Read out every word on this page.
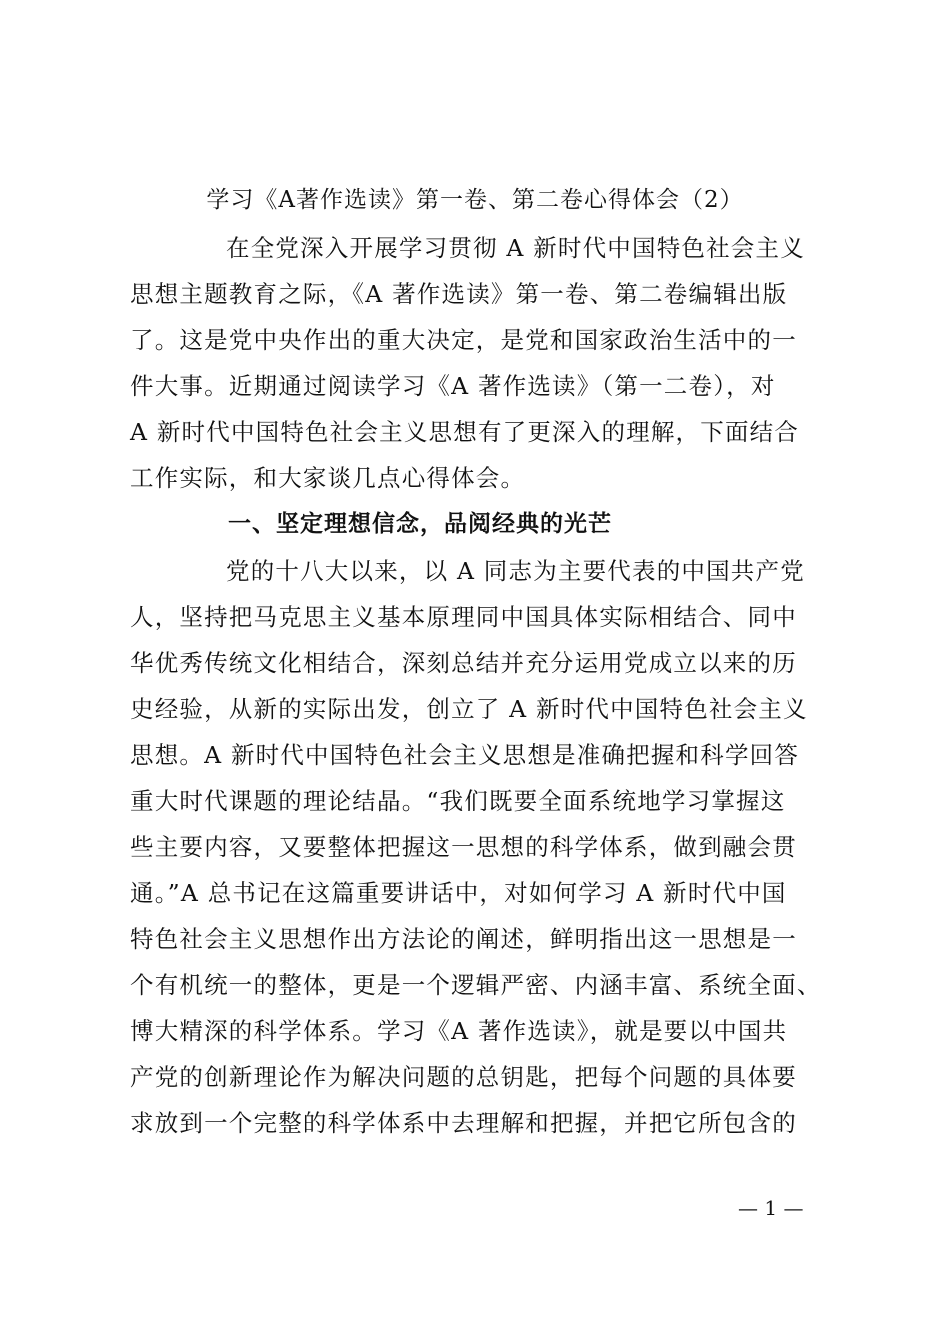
学习《A著作选读》第一卷、第二卷心得体会（2）

在全党深入开展学习贯彻 A 新时代中国特色社会主义
思想主题教育之际，《A 著作选读》第一卷、第二卷编辑出版
了。这是党中央作出的重大决定，是党和国家政治生活中的一
件大事。近期通过阅读学习《A 著作选读》（第一二卷），对
A 新时代中国特色社会主义思想有了更深入的理解，下面结合
工作实际，和大家谈几点心得体会。

一、坚定理想信念，品阅经典的光芒

党的十八大以来，以 A 同志为主要代表的中国共产党
人，坚持把马克思主义基本原理同中国具体实际相结合、同中
华优秀传统文化相结合，深刻总结并充分运用党成立以来的历
史经验，从新的实际出发，创立了 A 新时代中国特色社会主义
思想。A 新时代中国特色社会主义思想是准确把握和科学回答
重大时代课题的理论结晶。“我们既要全面系统地学习掌握这
些主要内容，又要整体把握这一思想的科学体系，做到融会贯
通。”A 总书记在这篇重要讲话中，对如何学习 A 新时代中国
特色社会主义思想作出方法论的阐述，鲜明指出这一思想是一
个有机统一的整体，更是一个逻辑严密、内涵丰富、系统全面、
博大精深的科学体系。学习《A 著作选读》，就是要以中国共
产党的创新理论作为解决问题的总钥匙，把每个问题的具体要
求放到一个完整的科学体系中去理解和把握，并把它所包含的

— 1 —
